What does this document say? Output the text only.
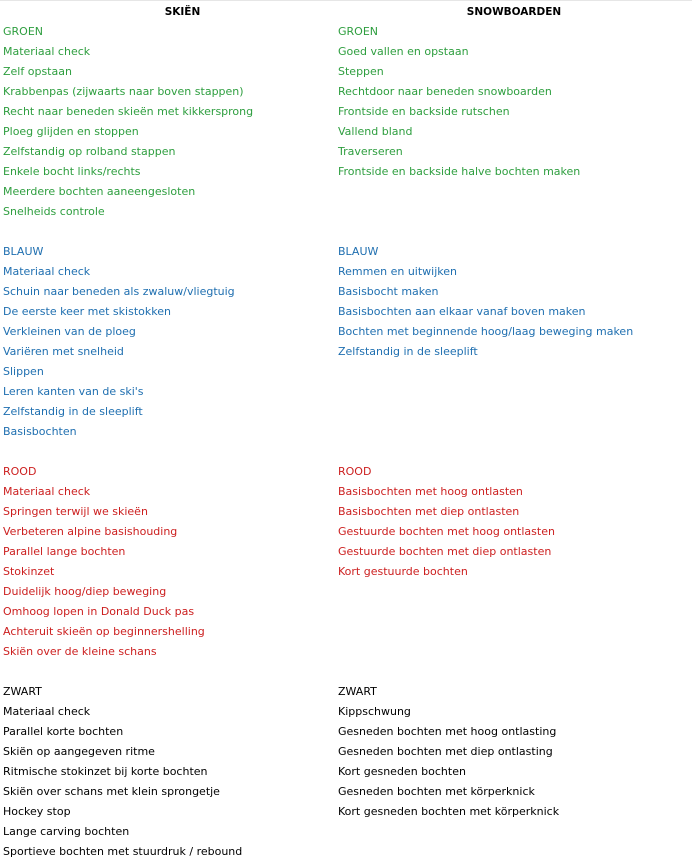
SKIËN
GROEN
Materiaal check
Zelf opstaan
Krabbenpas (zijwaarts naar boven stappen)
Recht naar beneden skieën met kikkersprong
Ploeg glijden en stoppen
Zelfstandig op rolband stappen
Enkele bocht links/rechts
Meerdere bochten aaneengesloten
Snelheids controle
BLAUW
Materiaal check
Schuin naar beneden als zwaluw/vliegtuig
De eerste keer met skistokken
Verkleinen van de ploeg
Variëren met snelheid
Slippen
Leren kanten van de ski's
Zelfstandig in de sleeplift
Basisbochten
ROOD
Materiaal check
Springen terwijl we skieën
Verbeteren alpine basishouding
Parallel lange bochten
Stokinzet
Duidelijk hoog/diep beweging
Omhoog lopen in Donald Duck pas
Achteruit skieën op beginnershelling
Skiën over de kleine schans
ZWART
Materiaal check
Parallel korte bochten
Skiën op aangegeven ritme
Ritmische stokinzet bij korte bochten
Skiën over schans met klein sprongetje
Hockey stop
Lange carving bochten
Sportieve bochten met stuurdruk / rebound
SNOWBOARDEN
GROEN
Goed vallen en opstaan
Steppen
Rechtdoor naar beneden snowboarden
Frontside en backside rutschen
Vallend bland
Traverseren
Frontside en backside halve bochten maken
BLAUW
Remmen en uitwijken
Basisbocht maken
Basisbochten aan elkaar vanaf boven maken
Bochten met beginnende hoog/laag beweging maken
Zelfstandig in de sleeplift
ROOD
Basisbochten met hoog ontlasten
Basisbochten met diep ontlasten
Gestuurde bochten met hoog ontlasten
Gestuurde bochten met diep ontlasten
Kort gestuurde bochten
ZWART
Kippschwung
Gesneden bochten met hoog ontlasting
Gesneden bochten met diep ontlasting
Kort gesneden bochten
Gesneden bochten met körperknick
Kort gesneden bochten met körperknick
